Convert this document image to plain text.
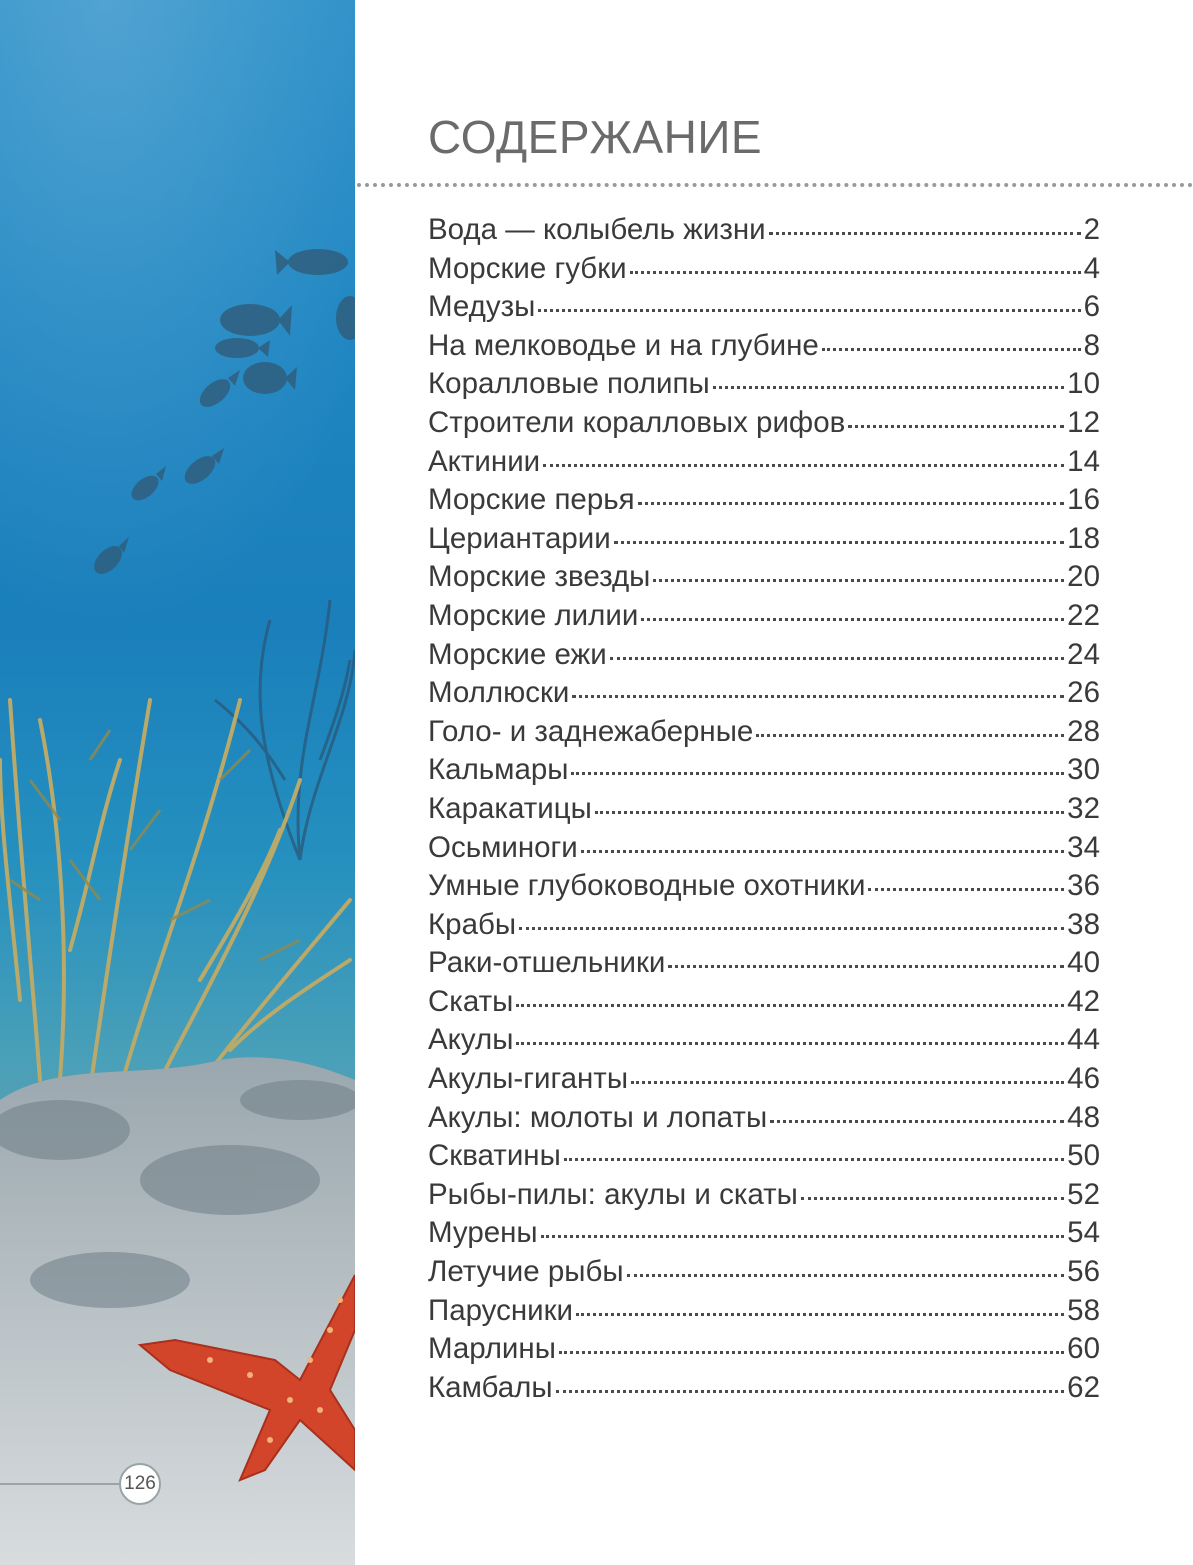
126
СОДЕРЖАНИЕ
Вода — колыбель жизни	2
Морские губки	4
Медузы	6
На мелководье и на глубине	8
Коралловые полипы	10
Строители коралловых рифов	12
Актинии	14
Морские перья	16
Цериантарии	18
Морские звезды	20
Морские лилии	22
Морские ежи	24
Моллюски	26
Голо- и заднежаберные	28
Кальмары	30
Каракатицы	32
Осьминоги	34
Умные глубоководные охотники	36
Крабы	38
Раки-отшельники	40
Скаты	42
Акулы	44
Акулы-гиганты	46
Акулы: молоты и лопаты	48
Скватины	50
Рыбы-пилы: акулы и скаты	52
Мурены	54
Летучие рыбы	56
Парусники	58
Марлины	60
Камбалы	62
